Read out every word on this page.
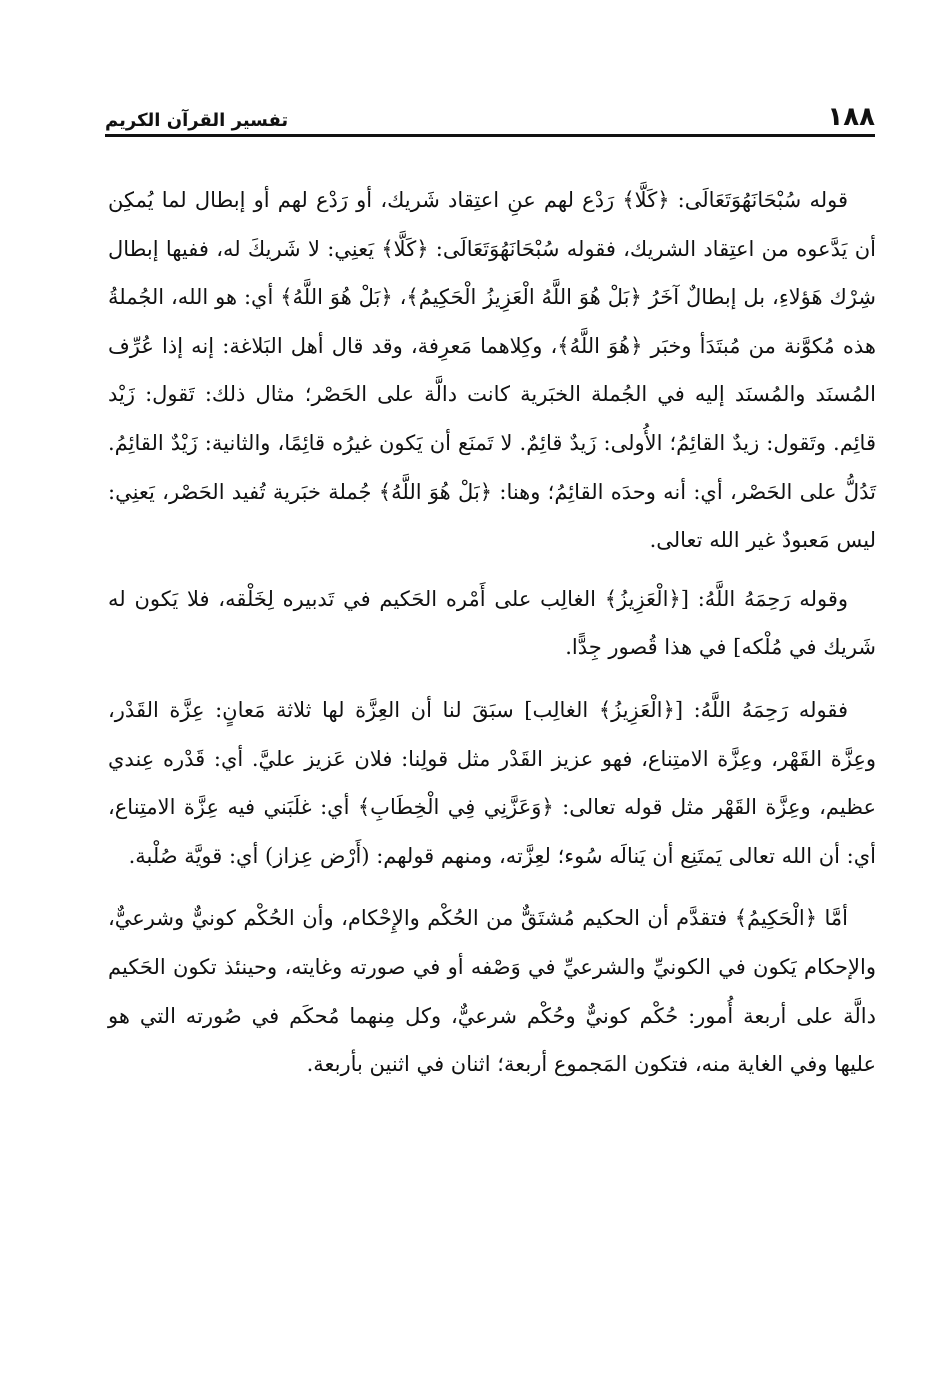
١٨٨
تفسير القرآن الكريم

قوله سُبْحَانَهُوَتَعَالَى: ﴿كَلَّا﴾ رَدْع لهم عنِ اعتِقاد شَريك، أو رَدْع لهم أو إبطال لما يُمكِن أن يَدَّعوه من اعتِقاد الشريك، فقوله سُبْحَانَهُوَتَعَالَى: ﴿كَلَّا﴾ يَعنِي: لا شَريكَ له، ففيها إبطال شِرْك هَؤلاءِ، بل إبطالٌ آخَرُ ﴿بَلْ هُوَ اللَّهُ الْعَزِيزُ الْحَكِيمُ﴾، ﴿بَلْ هُوَ اللَّهُ﴾ أي: هو الله، الجُملةُ هذه مُكوَّنة من مُبتَدَأ وخبَر ﴿هُوَ اللَّهُ﴾، وكِلاهما مَعرِفة، وقد قال أهل البَلاغة: إنه إذا عُرِّف المُسنَد والمُسنَد إليه في الجُملة الخبَرية كانت دالَّة على الحَصْر؛ مثال ذلك: تَقول: زَيْد قائِم. وتَقول: زيدٌ القائِمُ؛ الأُولى: زَيدٌ قائِمٌ. لا تَمنَع أن يَكون غيرُه قائِمًا، والثانية: زَيْدٌ القائِمُ. تَدُلُّ على الحَصْر، أي: أنه وحدَه القائِمُ؛ وهنا: ﴿بَلْ هُوَ اللَّهُ﴾ جُملة خبَرية تُفيد الحَصْر، يَعنِي: ليس مَعبودٌ غير الله تعالى.

وقوله رَحِمَهُ اللَّهُ: [﴿الْعَزِيزُ﴾ الغالِب على أَمْره الحَكيم في تَدبيره لِخَلْقه، فلا يَكون له شَريك في مُلْكه] في هذا قُصور جِدًّا.

فقوله رَحِمَهُ اللَّهُ: [﴿الْعَزِيزُ﴾ الغالِب] سبَقَ لنا أن العِزَّة لها ثلاثة مَعانٍ: عِزَّة القَدْر، وعِزَّة القَهْر، وعِزَّة الامتِناع، فهو عزيز القَدْر مثل قولِنا: فلان عَزيز عليَّ. أي: قَدْره عِندي عظيم، وعِزَّة القَهْر مثل قوله تعالى: ﴿وَعَزَّنِي فِي الْخِطَابِ﴾ أي: غلَبَني فيه عِزَّة الامتِناع، أي: أن الله تعالى يَمتَنِع أن يَنالَه سُوء؛ لعِزَّته، ومنهم قولهم: (أَرْض عِزاز) أي: قويَّة صُلْبة.

أمَّا ﴿الْحَكِيمُ﴾ فتقدَّم أن الحكيم مُشتَقٌّ من الحُكْم والإِحْكام، وأن الحُكْم كونيٌّ وشرعيٌّ، والإحكام يَكون في الكونيِّ والشرعيِّ في وَصْفه أو في صورته وغايته، وحينئذ تكون الحَكيم دالَّة على أربعة أُمور: حُكْم كونيٌّ وحُكْم شرعيٌّ، وكل مِنهما مُحكَم في صُورته التي هو عليها وفي الغاية منه، فتكون المَجموع أربعة؛ اثنان في اثنين بأربعة.
